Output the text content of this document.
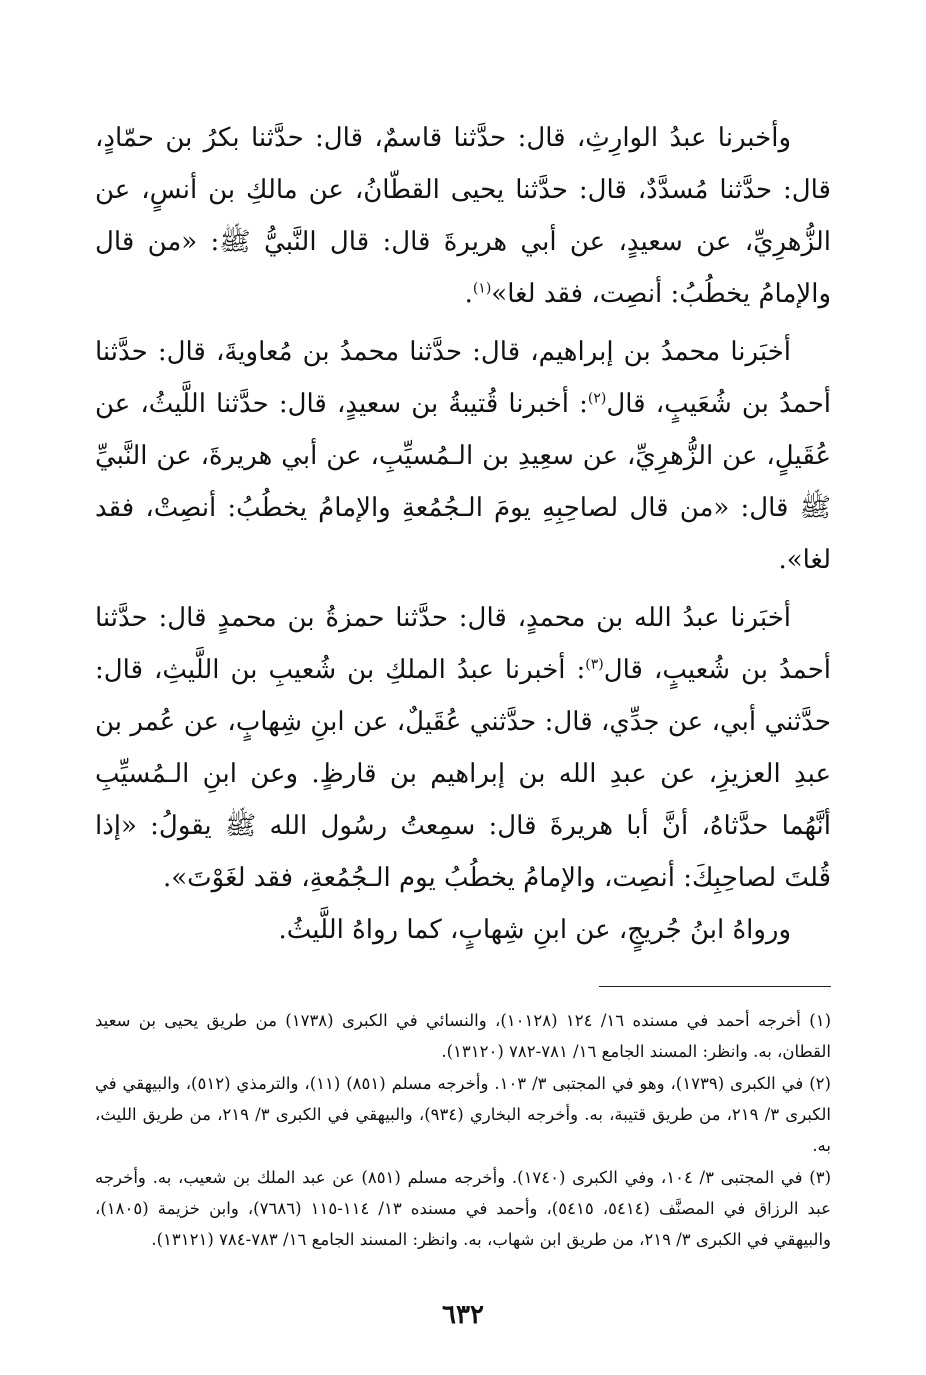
وأخبرنا عبدُ الوارِثِ، قال: حدَّثنا قاسمٌ، قال: حدَّثنا بكرُ بن حمّادٍ، قال: حدَّثنا مُسدَّدٌ، قال: حدَّثنا يحيى القطّانُ، عن مالكِ بن أنسٍ، عن الزُّهرِيِّ، عن سعيدٍ، عن أبي هريرةَ قال: قال النَّبيُّ ﷺ: «من قال والإمامُ يخطُبُ: أنصِت، فقد لغا»$^{(١)}$.

أخبَرنا محمدُ بن إبراهيم، قال: حدَّثنا محمدُ بن مُعاويةَ، قال: حدَّثنا أحمدُ بن شُعَيبٍ، قال$^{(٢)}$: أخبرنا قُتيبةُ بن سعيدٍ، قال: حدَّثنا اللَّيثُ، عن عُقَيلٍ، عن الزُّهرِيِّ، عن سعِيدِ بن الـمُسيِّبِ، عن أبي هريرةَ، عن النَّبيِّ ﷺ قال: «من قال لصاحِبِهِ يومَ الـجُمُعةِ والإمامُ يخطُبُ: أنصِتْ، فقد لغا».

أخبَرنا عبدُ الله بن محمدٍ، قال: حدَّثنا حمزةُ بن محمدٍ قال: حدَّثنا أحمدُ بن شُعيبٍ، قال$^{(٣)}$: أخبرنا عبدُ الملكِ بن شُعيبِ بن اللَّيثِ، قال: حدَّثني أبي، عن جدِّي، قال: حدَّثني عُقَيلٌ، عن ابنِ شِهابٍ، عن عُمر بن عبدِ العزيزِ، عن عبدِ الله بن إبراهيم بن قارظٍ. وعن ابنِ الـمُسيِّبِ أنَّهُما حدَّثاهُ، أنَّ أبا هريرةَ قال: سمِعتُ رسُول الله ﷺ يقولُ: «إذا قُلتَ لصاحِبِكَ: أنصِت، والإمامُ يخطُبُ يوم الـجُمُعةِ، فقد لغَوْتَ».

ورواهُ ابنُ جُريجٍ، عن ابنِ شِهابٍ، كما رواهُ اللَّيثُ.

(١) أخرجه أحمد في مسنده ١٦/ ١٢٤ (١٠١٢٨)، والنسائي في الكبرى (١٧٣٨) من طريق يحيى بن سعيد القطان، به. وانظر: المسند الجامع ١٦/ ٧٨١-٧٨٢ (١٣١٢٠).

(٢) في الكبرى (١٧٣٩)، وهو في المجتبى ٣/ ١٠٣. وأخرجه مسلم (٨٥١) (١١)، والترمذي (٥١٢)، والبيهقي في الكبرى ٣/ ٢١٩، من طريق قتيبة، به. وأخرجه البخاري (٩٣٤)، والبيهقي في الكبرى ٣/ ٢١٩، من طريق الليث، به.

(٣) في المجتبى ٣/ ١٠٤، وفي الكبرى (١٧٤٠). وأخرجه مسلم (٨٥١) عن عبد الملك بن شعيب، به. وأخرجه عبد الرزاق في المصنَّف (٥٤١٤، ٥٤١٥)، وأحمد في مسنده ١٣/ ١١٤-١١٥ (٧٦٨٦)، وابن خزيمة (١٨٠٥)، والبيهقي في الكبرى ٣/ ٢١٩، من طريق ابن شهاب، به. وانظر: المسند الجامع ١٦/ ٧٨٣-٧٨٤ (١٣١٢١).

٦٣٢
